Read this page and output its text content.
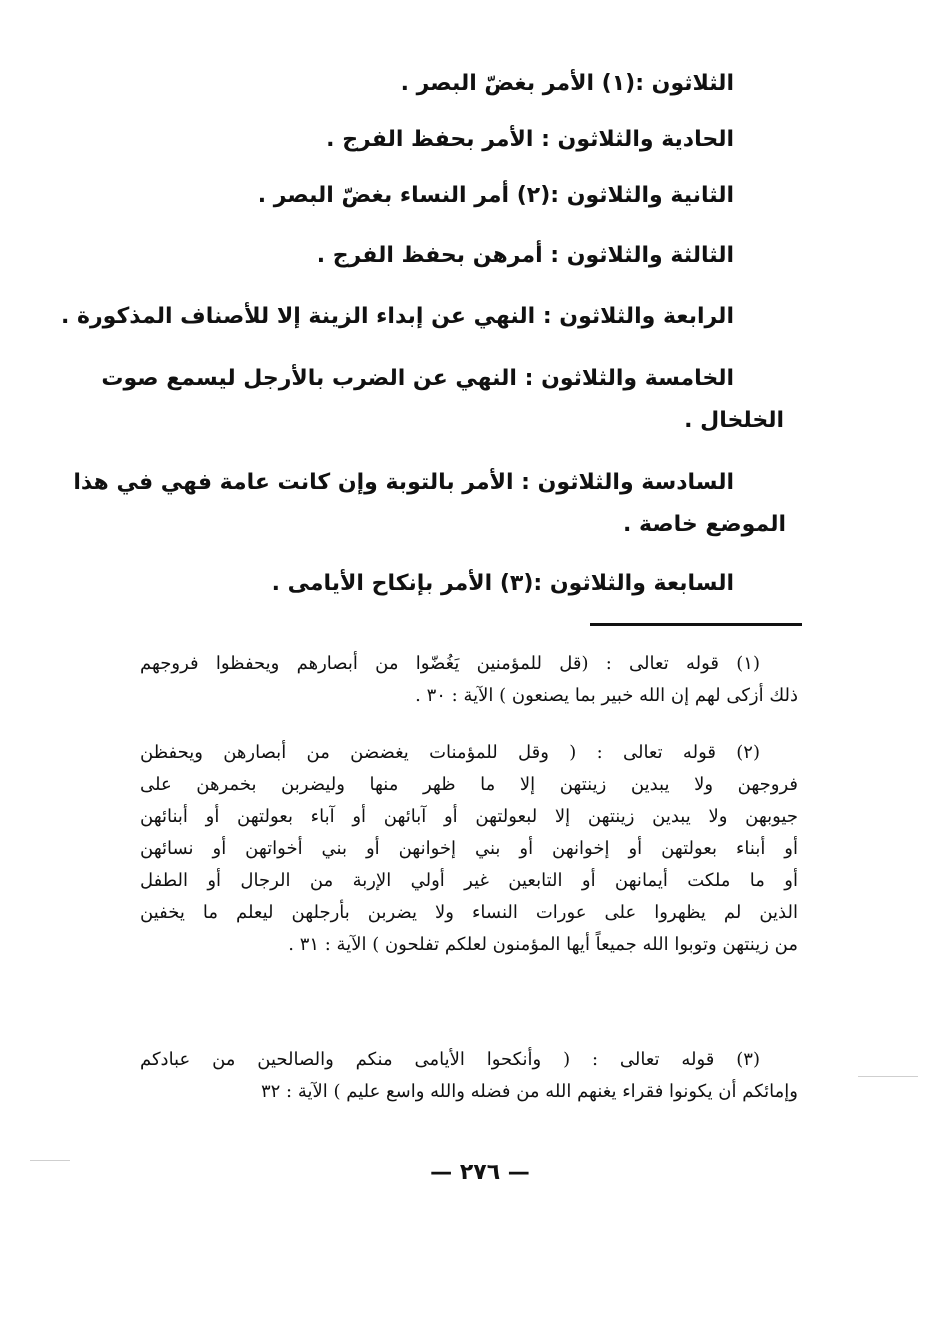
الثلاثون :(١) الأمر بغضّ البصر .
الحادية والثلاثون : الأمر بحفظ الفرج .
الثانية والثلاثون :(٢) أمر النساء بغضّ البصر .
الثالثة والثلاثون : أمرهن بحفظ الفرج .
الرابعة والثلاثون : النهي عن إبداء الزينة إلا للأصناف المذكورة .
الخامسة والثلاثون : النهي عن الضرب بالأرجل ليسمع صوت
الخلخال .
السادسة والثلاثون : الأمر بالتوبة وإن كانت عامة فهي في هذا
الموضع خاصة .
السابعة والثلاثون :(٣) الأمر بإنكاح الأيامى .
(١) قوله تعالى : (قل للمؤمنين يَغُضّوا من أبصارهم ويحفظوا فروجهم
ذلك أزكى لهم إن الله خبير بما يصنعون ) الآية : ٣٠ .
(٢) قوله تعالى : ( وقل للمؤمنات يغضضن من أبصارهن ويحفظن
فروجهن ولا يبدين زينتهن إلا ما ظهر منها وليضربن بخمرهن على
جيوبهن ولا يبدين زينتهن إلا لبعولتهن أو آبائهن أو آباء بعولتهن أو أبنائهن
أو أبناء بعولتهن أو إخوانهن أو بني إخوانهن أو بني أخواتهن أو نسائهن
أو ما ملكت أيمانهن أو التابعين غير أولي الإربة من الرجال أو الطفل
الذين لم يظهروا على عورات النساء ولا يضربن بأرجلهن ليعلم ما يخفين
من زينتهن وتوبوا الله جميعاً أيها المؤمنون لعلكم تفلحون ) الآية : ٣١ .
(٣) قوله تعالى : ( وأنكحوا الأيامى منكم والصالحين من عبادكم
وإمائكم أن يكونوا فقراء يغنهم الله من فضله والله واسع عليم ) الآية : ٣٢
— ٢٧٦ —
